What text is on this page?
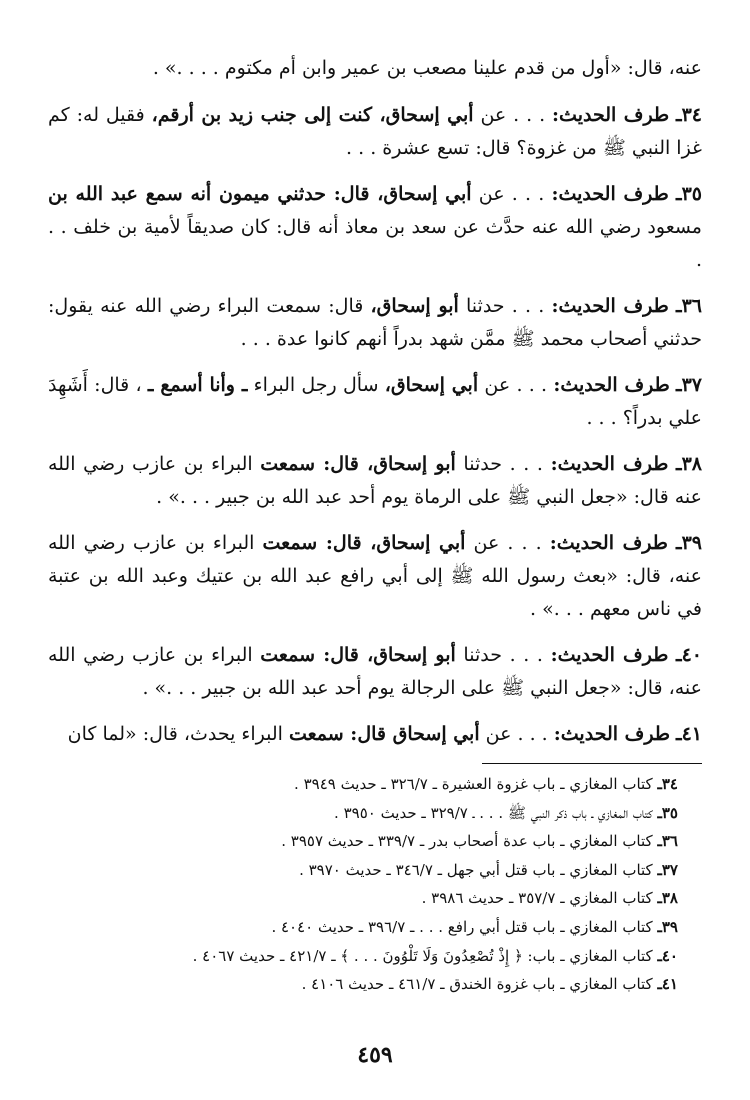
عنه، قال: «أول من قدم علينا مصعب بن عمير وابن أم مكتوم . . . .» .
٣٤ـ طرف الحديث: . . . عن أبي إسحاق، كنت إلى جنب زيد بن أرقم، فقيل له: كم غزا النبي ﷺ من غزوة؟ قال: تسع عشرة . . .
٣٥ـ طرف الحديث: . . . عن أبي إسحاق، قال: حدثني ميمون أنه سمع عبد الله بن مسعود رضي الله عنه حدَّث عن سعد بن معاذ أنه قال: كان صديقاً لأمية بن خلف . . .
٣٦ـ طرف الحديث: . . . حدثنا أبو إسحاق، قال: سمعت البراء رضي الله عنه يقول: حدثني أصحاب محمد ﷺ ممَّن شهد بدراً أنهم كانوا عدة . . .
٣٧ـ طرف الحديث: . . . عن أبي إسحاق، سأل رجل البراء ـ وأنا أسمع ـ ، قال: أَشَهِدَ علي بدراً؟ . . .
٣٨ـ طرف الحديث: . . . حدثنا أبو إسحاق، قال: سمعت البراء بن عازب رضي الله عنه قال: «جعل النبي ﷺ على الرماة يوم أحد عبد الله بن جبير . . .» .
٣٩ـ طرف الحديث: . . . عن أبي إسحاق، قال: سمعت البراء بن عازب رضي الله عنه، قال: «بعث رسول الله ﷺ إلى أبي رافع عبد الله بن عتيك وعبد الله بن عتبة في ناس معهم . . .» .
٤٠ـ طرف الحديث: . . . حدثنا أبو إسحاق، قال: سمعت البراء بن عازب رضي الله عنه، قال: «جعل النبي ﷺ على الرجالة يوم أحد عبد الله بن جبير . . .» .
٤١ـ طرف الحديث: . . . عن أبي إسحاق قال: سمعت البراء يحدث، قال: «لما كان
٣٤ـ كتاب المغازي ـ باب غزوة العشيرة ـ ٣٢٦/٧ ـ حديث ٣٩٤٩ .
٣٥ـ كتاب المغازي ـ باب ذكر النبي ﷺ . . . ـ ٣٢٩/٧ ـ حديث ٣٩٥٠ .
٣٦ـ كتاب المغازي ـ باب عدة أصحاب بدر ـ ٣٣٩/٧ ـ حديث ٣٩٥٧ .
٣٧ـ كتاب المغازي ـ باب قتل أبي جهل ـ ٣٤٦/٧ ـ حديث ٣٩٧٠ .
٣٨ـ كتاب المغازي ـ ٣٥٧/٧ ـ حديث ٣٩٨٦ .
٣٩ـ كتاب المغازي ـ باب قتل أبي رافع . . . ـ ٣٩٦/٧ ـ حديث ٤٠٤٠ .
٤٠ـ كتاب المغازي ـ باب: ﴿ إِذْ تُصْعِدُونَ وَلَا تَلْوُونَ . . . ﴾ ـ ٤٢١/٧ ـ حديث ٤٠٦٧ .
٤١ـ كتاب المغازي ـ باب غزوة الخندق ـ ٤٦١/٧ ـ حديث ٤١٠٦ .
٤٥٩
